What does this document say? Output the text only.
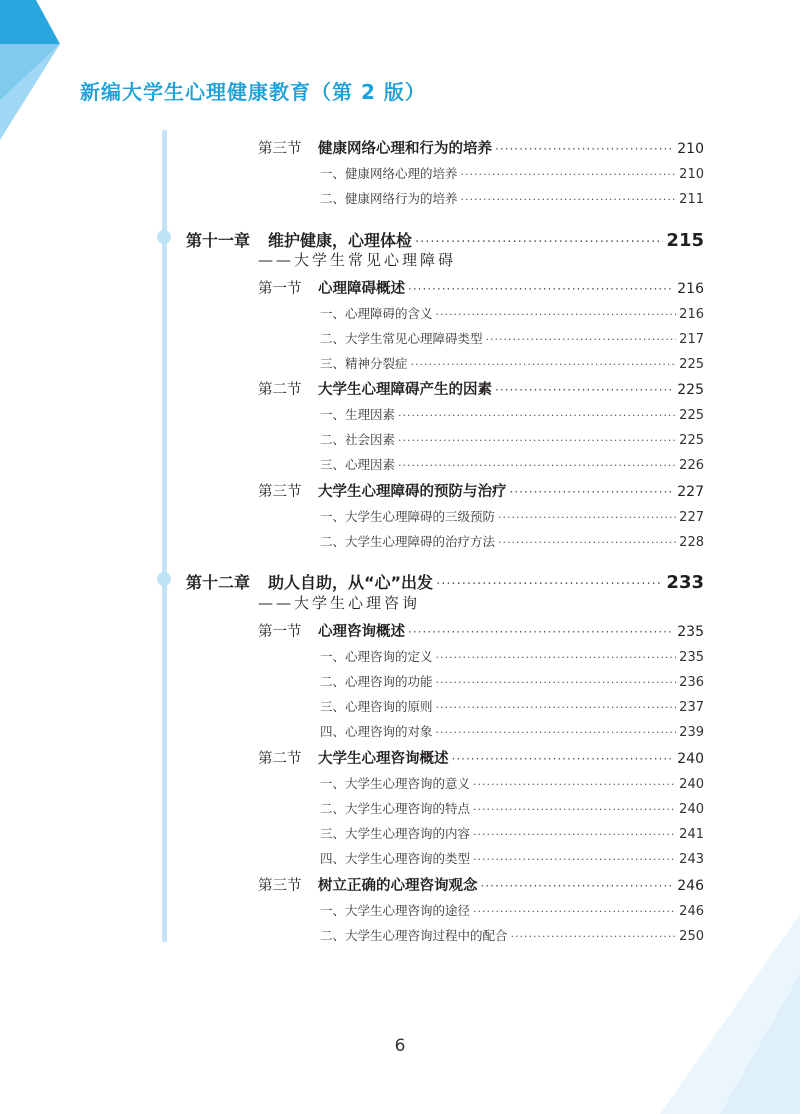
新编大学生心理健康教育（第 2 版）
第三节	健康网络心理和行为的培养 ·····	210
一、健康网络心理的培养 ·····	210
二、健康网络行为的培养 ·····	211
第十一章 维护健康，心理体检 ·····	215
——大学生常见心理障碍
第一节	心理障碍概述 ·····	216
一、心理障碍的含义 ·····	216
二、大学生常见心理障碍类型 ·····	217
三、精神分裂症 ·····	225
第二节	大学生心理障碍产生的因素 ·····	225
一、生理因素 ·····	225
二、社会因素 ·····	225
三、心理因素 ·····	226
第三节	大学生心理障碍的预防与治疗 ·····	227
一、大学生心理障碍的三级预防 ·····	227
二、大学生心理障碍的治疗方法 ·····	228
第十二章 助人自助，从“心”出发 ·····	233
——大学生心理咨询
第一节	心理咨询概述 ·····	235
一、心理咨询的定义 ·····	235
二、心理咨询的功能 ·····	236
三、心理咨询的原则 ·····	237
四、心理咨询的对象 ·····	239
第二节	大学生心理咨询概述 ·····	240
一、大学生心理咨询的意义 ·····	240
二、大学生心理咨询的特点 ·····	240
三、大学生心理咨询的内容 ·····	241
四、大学生心理咨询的类型 ·····	243
第三节	树立正确的心理咨询观念 ·····	246
一、大学生心理咨询的途径 ·····	246
二、大学生心理咨询过程中的配合 ·····	250
6
